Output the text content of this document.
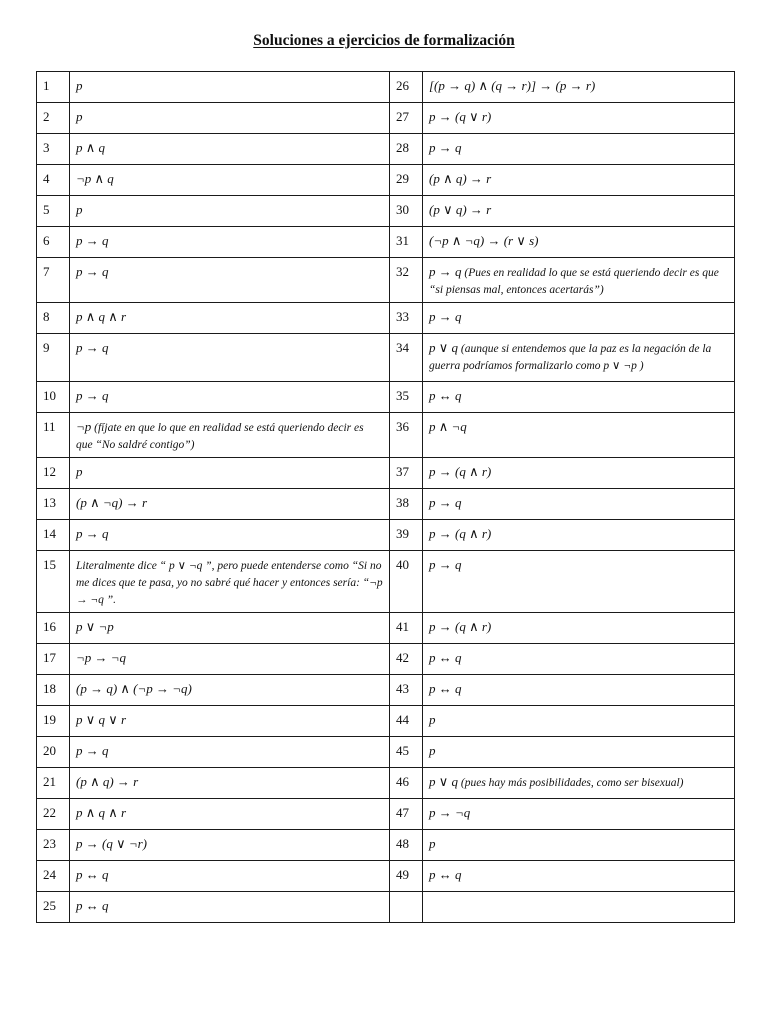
Soluciones a ejercicios de formalización
1	p	26	[(p → q) ∧ (q → r)] → (p → r)
2	p	27	p → (q ∨ r)
3	p ∧ q	28	p → q
4	¬p ∧ q	29	(p ∧ q) → r
5	p	30	(p ∨ q) → r
6	p → q	31	(¬p ∧ ¬q) → (r ∨ s)
7	p → q	32	p → q (Pues en realidad lo que se está queriendo decir es que “si piensas mal, entonces acertarás”)
8	p ∧ q ∧ r	33	p → q
9	p → q	34	p ∨ q (aunque si entendemos que la paz es la negación de la guerra podríamos formalizarlo como p ∨ ¬p )
10	p → q	35	p ↔ q
11	¬p (fíjate en que lo que en realidad se está queriendo decir es que “No saldré contigo”)	36	p ∧ ¬q
12	p	37	p → (q ∧ r)
13	(p ∧ ¬q) → r	38	p → q
14	p → q	39	p → (q ∧ r)
15	Literalmente dice “ p ∨ ¬q ”, pero puede entenderse como “Si no me dices que te pasa, yo no sabré qué hacer y entonces sería: “¬p → ¬q ”.	40	p → q
16	p ∨ ¬p	41	p → (q ∧ r)
17	¬p → ¬q	42	p ↔ q
18	(p → q) ∧ (¬p → ¬q)	43	p ↔ q
19	p ∨ q ∨ r	44	p
20	p → q	45	p
21	(p ∧ q) → r	46	p ∨ q (pues hay más posibilidades, como ser bisexual)
22	p ∧ q ∧ r	47	p → ¬q
23	p → (q ∨ ¬r)	48	p
24	p ↔ q	49	p ↔ q
25	p ↔ q		
